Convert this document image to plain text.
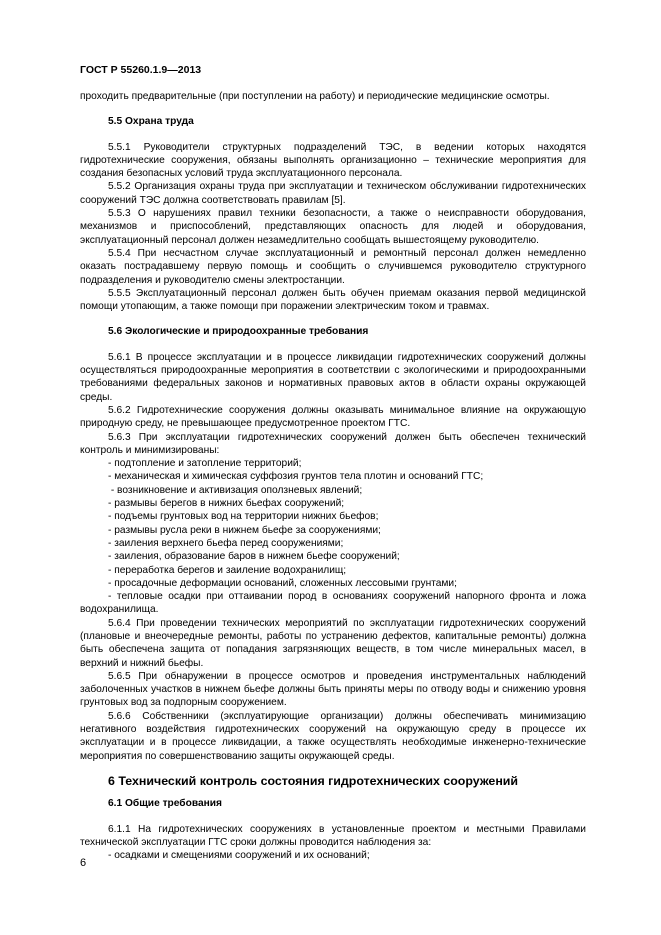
ГОСТ Р 55260.1.9—2013

проходить предварительные (при поступлении на работу) и периодические медицинские осмотры.

5.5 Охрана труда

5.5.1 Руководители структурных подразделений ТЭС, в ведении которых находятся гидротехнические сооружения, обязаны выполнять организационно – технические мероприятия для создания безопасных условий труда эксплуатационного персонала.

5.5.2 Организация охраны труда при эксплуатации и техническом обслуживании гидротехнических сооружений ТЭС должна соответствовать правилам [5].

5.5.3 О нарушениях правил техники безопасности, а также о неисправности оборудования, механизмов и приспособлений, представляющих опасность для людей и оборудования, эксплуатационный персонал должен незамедлительно сообщать вышестоящему руководителю.

5.5.4 При несчастном случае эксплуатационный и ремонтный персонал должен немедленно оказать пострадавшему первую помощь и сообщить о случившемся руководителю структурного подразделения и руководителю смены электростанции.

5.5.5 Эксплуатационный персонал должен быть обучен приемам оказания первой медицинской помощи утопающим, а также помощи при поражении электрическим током и травмах.

5.6 Экологические и природоохранные требования

5.6.1 В процессе эксплуатации и в процессе ликвидации гидротехнических сооружений должны осуществляться природоохранные мероприятия в соответствии с экологическими и природоохранными требованиями федеральных законов и нормативных правовых актов в области охраны окружающей среды.

5.6.2 Гидротехнические сооружения должны оказывать минимальное влияние на окружающую природную среду, не превышающее предусмотренное проектом ГТС.

5.6.3 При эксплуатации гидротехнических сооружений должен быть обеспечен технический контроль и минимизированы:

- подтопление и затопление территорий;

- механическая и химическая суффозия грунтов тела плотин и оснований ГТС;

- возникновение и активизация оползневых явлений;

- размывы берегов в нижних бьефах сооружений;

- подъемы грунтовых вод на территории нижних бьефов;

- размывы русла реки в нижнем бьефе за сооружениями;

- заиления верхнего бьефа перед сооружениями;

- заиления, образование баров в нижнем бьефе сооружений;

- переработка берегов и заиление водохранилищ;

- просадочные деформации оснований, сложенных лессовыми грунтами;

- тепловые осадки при оттаивании пород в основаниях сооружений напорного фронта и ложа водохранилища.

5.6.4 При проведении технических мероприятий по эксплуатации гидротехнических сооружений (плановые и внеочередные ремонты, работы по устранению дефектов, капитальные ремонты) должна быть обеспечена защита от попадания загрязняющих веществ, в том числе минеральных масел, в верхний и нижний бьефы.

5.6.5 При обнаружении в процессе осмотров и проведения инструментальных наблюдений заболоченных участков в нижнем бьефе должны быть приняты меры по отводу воды и снижению уровня грунтовых вод за подпорным сооружением.

5.6.6 Собственники (эксплуатирующие организации) должны обеспечивать минимизацию негативного воздействия гидротехнических сооружений на окружающую среду в процессе их эксплуатации и в процессе ликвидации, а также осуществлять необходимые инженерно-технические мероприятия по совершенствованию защиты окружающей среды.

6 Технический контроль состояния гидротехнических сооружений

6.1 Общие требования

6.1.1 На гидротехнических сооружениях в установленные проектом и местными Правилами технической эксплуатации ГТС сроки должны проводится наблюдения за:

- осадками и смещениями сооружений и их оснований;

6
